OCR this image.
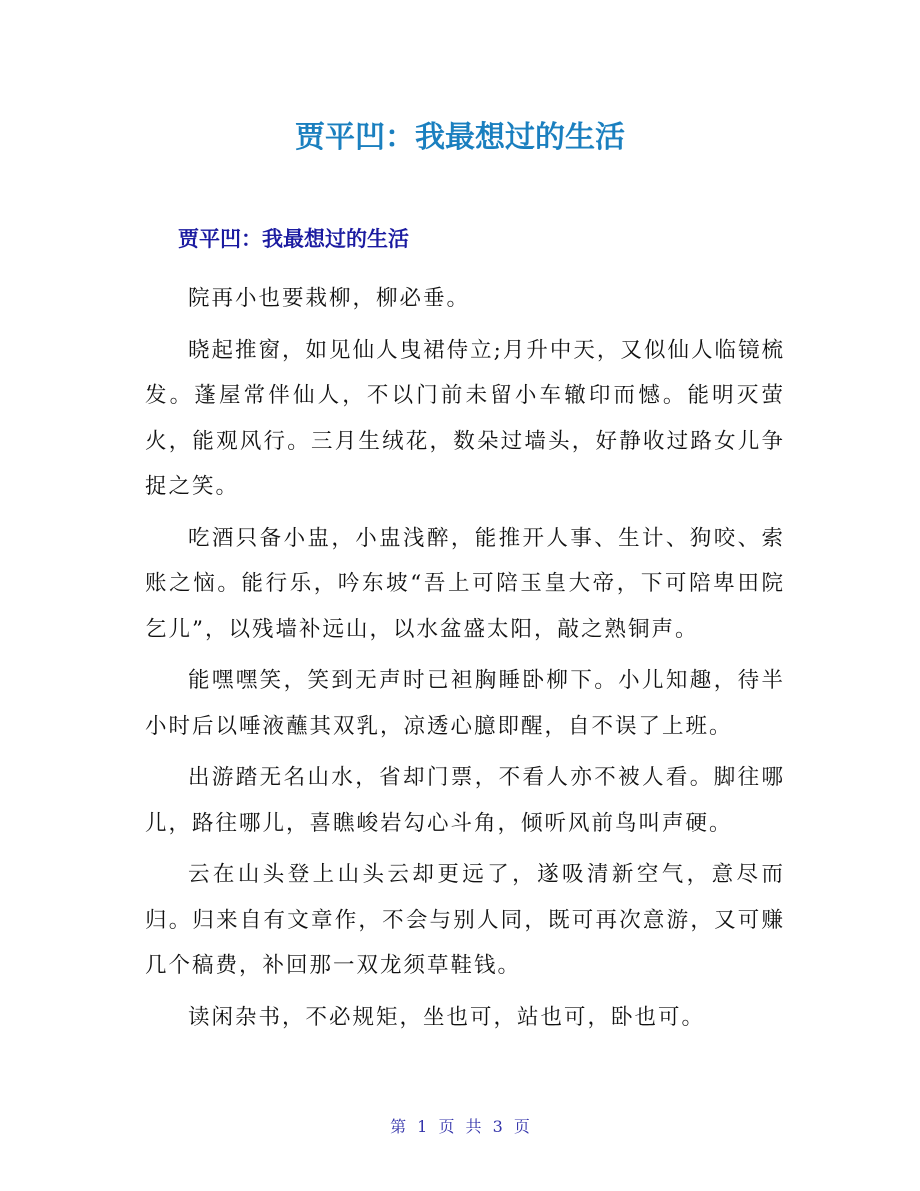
贾平凹：我最想过的生活
贾平凹：我最想过的生活

院再小也要栽柳，柳必垂。

晓起推窗，如见仙人曳裙侍立;月升中天，又似仙人临镜梳发。蓬屋常伴仙人，不以门前未留小车辙印而憾。能明灭萤火，能观风行。三月生绒花，数朵过墙头，好静收过路女儿争捉之笑。

吃酒只备小盅，小盅浅醉，能推开人事、生计、狗咬、索账之恼。能行乐，吟东坡“吾上可陪玉皇大帝，下可陪卑田院乞儿”，以残墙补远山，以水盆盛太阳，敲之熟铜声。

能嘿嘿笑，笑到无声时已袒胸睡卧柳下。小儿知趣，待半小时后以唾液蘸其双乳，凉透心臆即醒，自不误了上班。

出游踏无名山水，省却门票，不看人亦不被人看。脚往哪儿，路往哪儿，喜瞧峻岩勾心斗角，倾听风前鸟叫声硬。

云在山头登上山头云却更远了，遂吸清新空气，意尽而归。归来自有文章作，不会与别人同，既可再次意游，又可赚几个稿费，补回那一双龙须草鞋钱。

读闲杂书，不必规矩，坐也可，站也可，卧也可。

第 1 页 共 3 页
